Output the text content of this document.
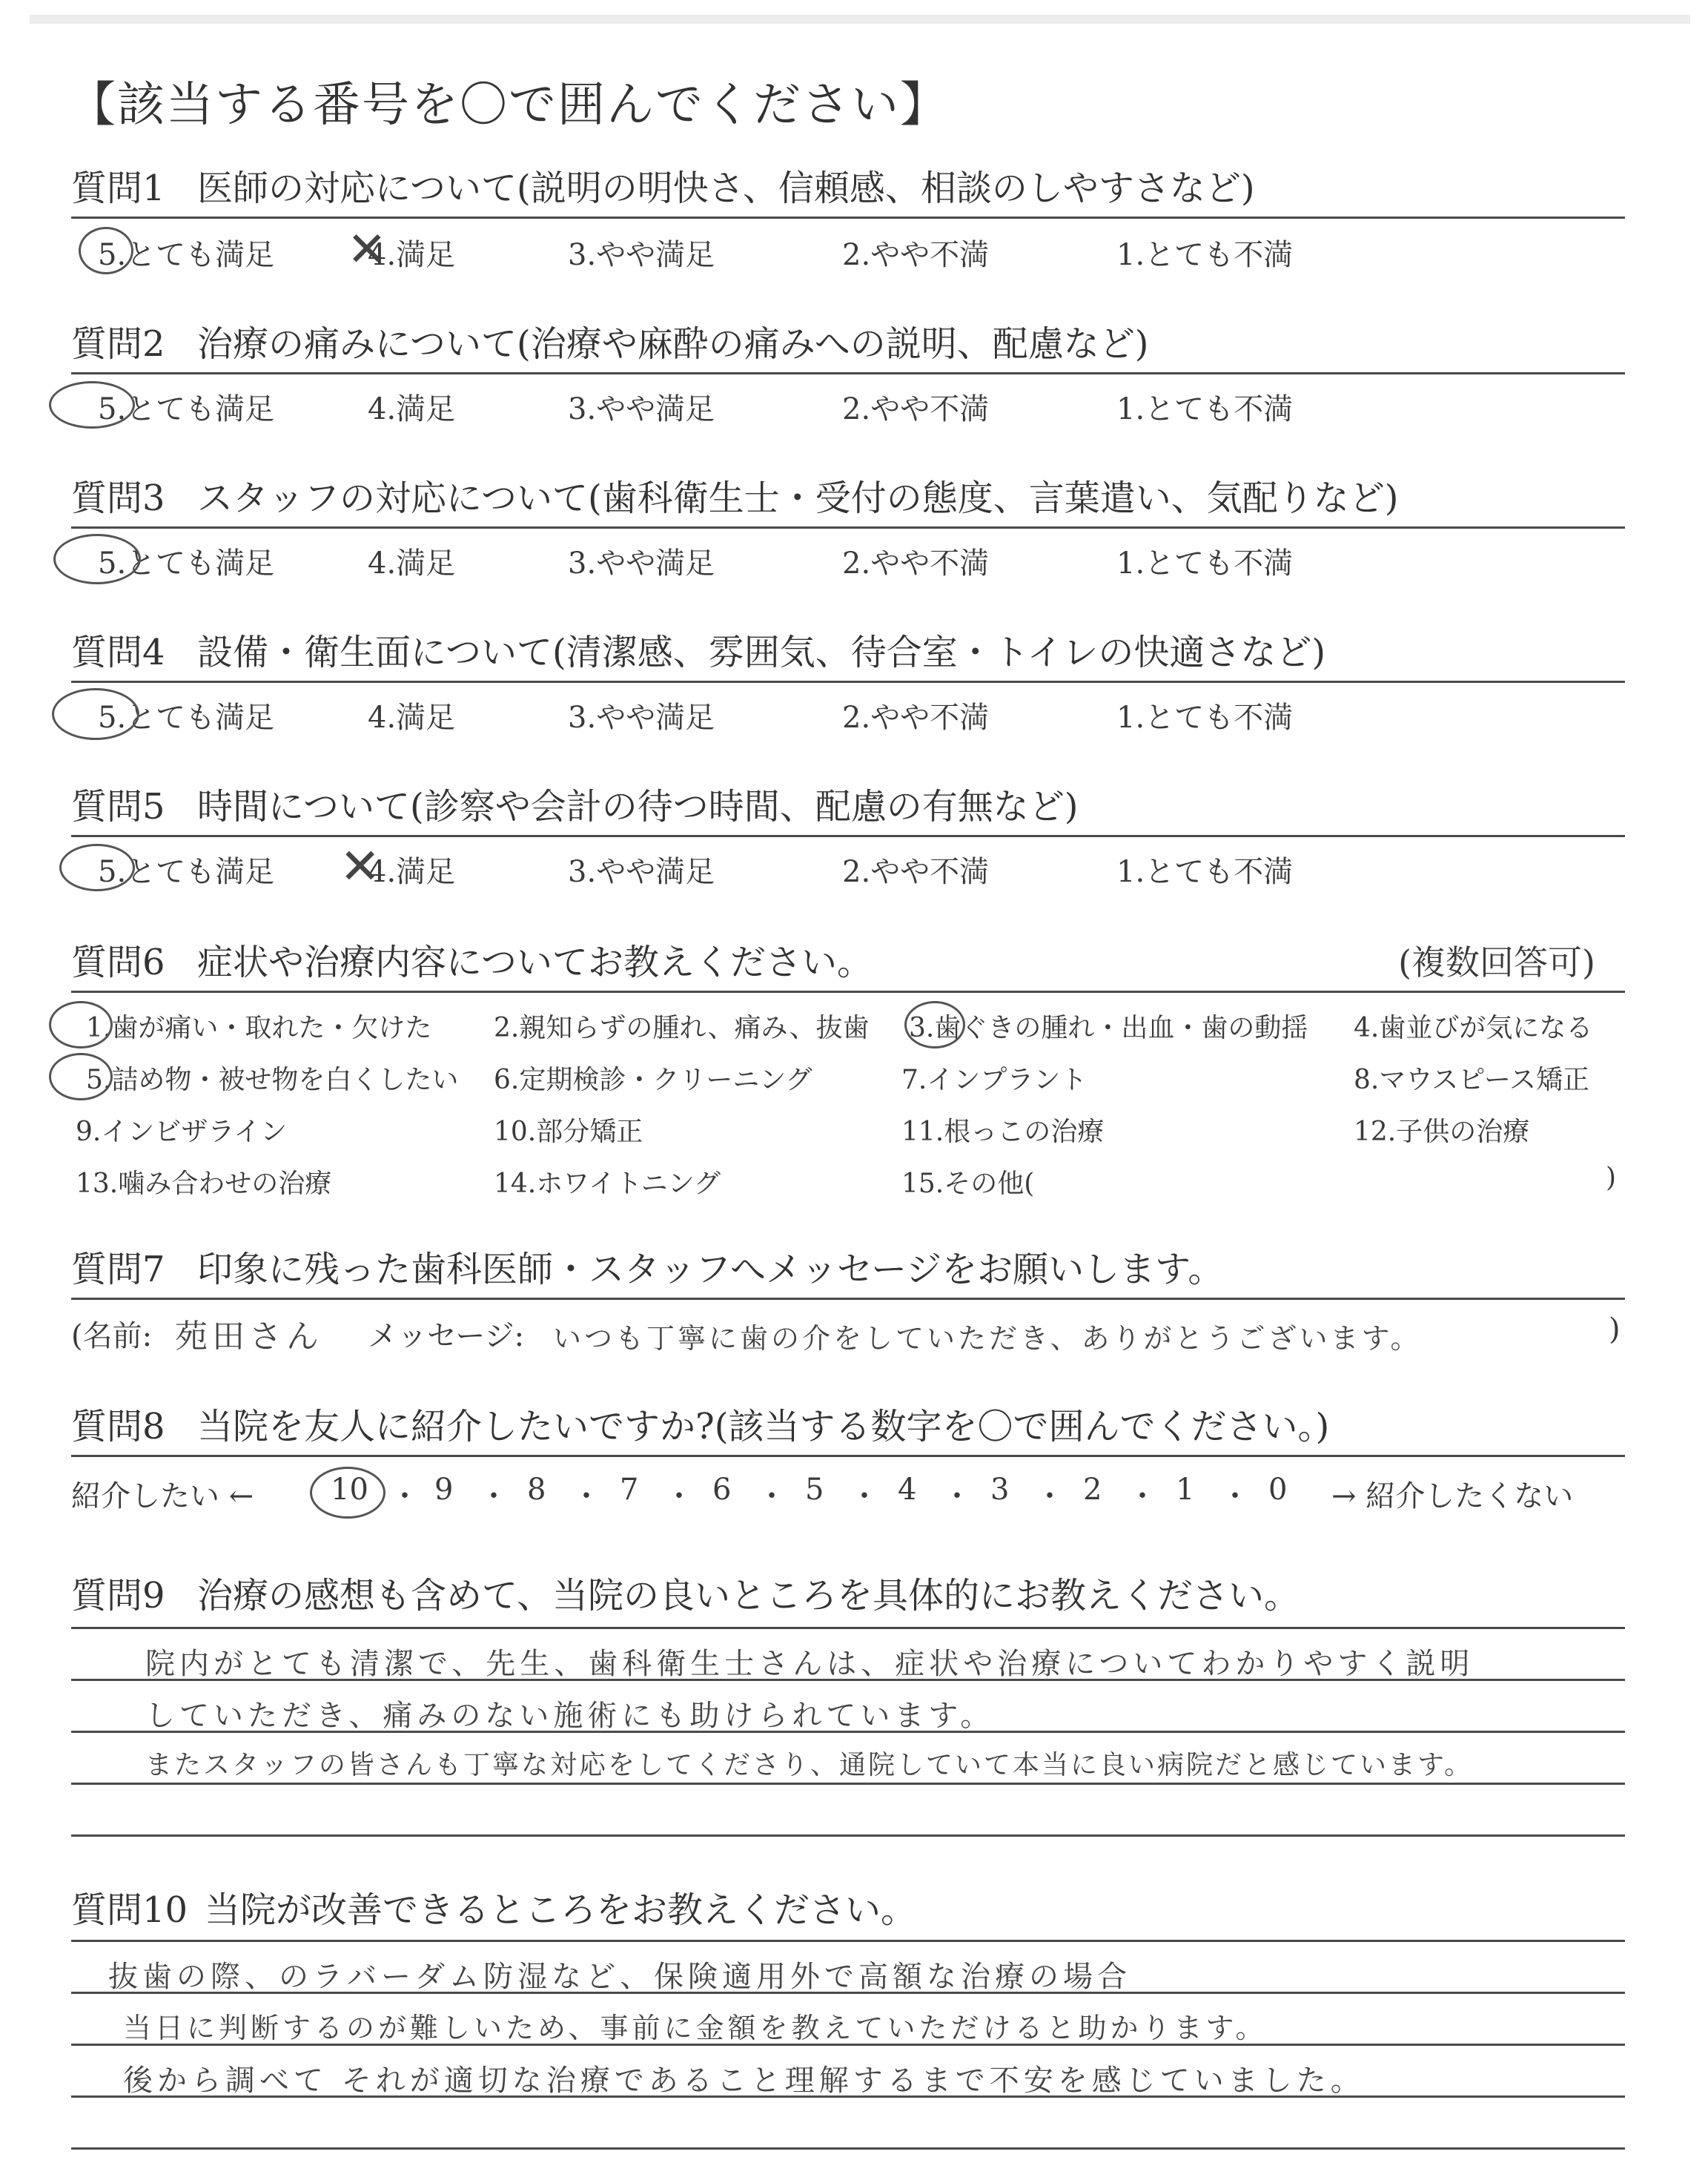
【該当する番号を〇で囲んでください】
質問1 医師の対応について(説明の明快さ、信頼感、相談のしやすさなど)
5.とても満足	4.満足	3.やや満足	2.やや不満	1.とても不満
✕
質問2 治療の痛みについて(治療や麻酔の痛みへの説明、配慮など)
5.とても満足	4.満足	3.やや満足	2.やや不満	1.とても不満
質問3 スタッフの対応について(歯科衛生士・受付の態度、言葉遣い、気配りなど)
5.とても満足	4.満足	3.やや満足	2.やや不満	1.とても不満
質問4 設備・衛生面について(清潔感、雰囲気、待合室・トイレの快適さなど)
5.とても満足	4.満足	3.やや満足	2.やや不満	1.とても不満
質問5 時間について(診察や会計の待つ時間、配慮の有無など)
5.とても満足	4.満足	3.やや満足	2.やや不満	1.とても不満
✕
質問6 症状や治療内容についてお教えください。	(複数回答可)
1.歯が痛い・取れた・欠けた 2.親知らずの腫れ、痛み、抜歯 3.歯ぐきの腫れ・出血・歯の動揺 4.歯並びが気になる
5.詰め物・被せ物を白くしたい 6.定期検診・クリーニング	7.インプラント	8.マウスピース矯正
9.インビザライン	10.部分矯正	11.根っこの治療	12.子供の治療
13.噛み合わせの治療	14.ホワイトニング	15.その他(	)
質問7 印象に残った歯科医師・スタッフへメッセージをお願いします。
(名前: 苑田さん メッセージ: いつも丁寧に歯の介をしていただき、ありがとうございます。	)
質問8 当院を友人に紹介したいですか?(該当する数字を〇で囲んでください。)
紹介したい ←	10 ・ 9 ・ 8 ・ 7 ・ 6 ・ 5 ・ 4 ・ 3 ・ 2 ・ 1 ・ 0 → 紹介したくない
質問9 治療の感想も含めて、当院の良いところを具体的にお教えください。
院内がとても清潔で、先生、歯科衛生士さんは、症状や治療についてわかりやすく説明
していただき、痛みのない施術にも助けられています。
またスタッフの皆さんも丁寧な対応をしてくださり、通院していて本当に良い病院だと感じています。
質問10 当院が改善できるところをお教えください。
抜歯の際、のラバーダム防湿など、保険適用外で高額な治療の場合
当日に判断するのが難しいため、事前に金額を教えていただけると助かります。
後から調べて それが適切な治療であること理解するまで不安を感じていました。
